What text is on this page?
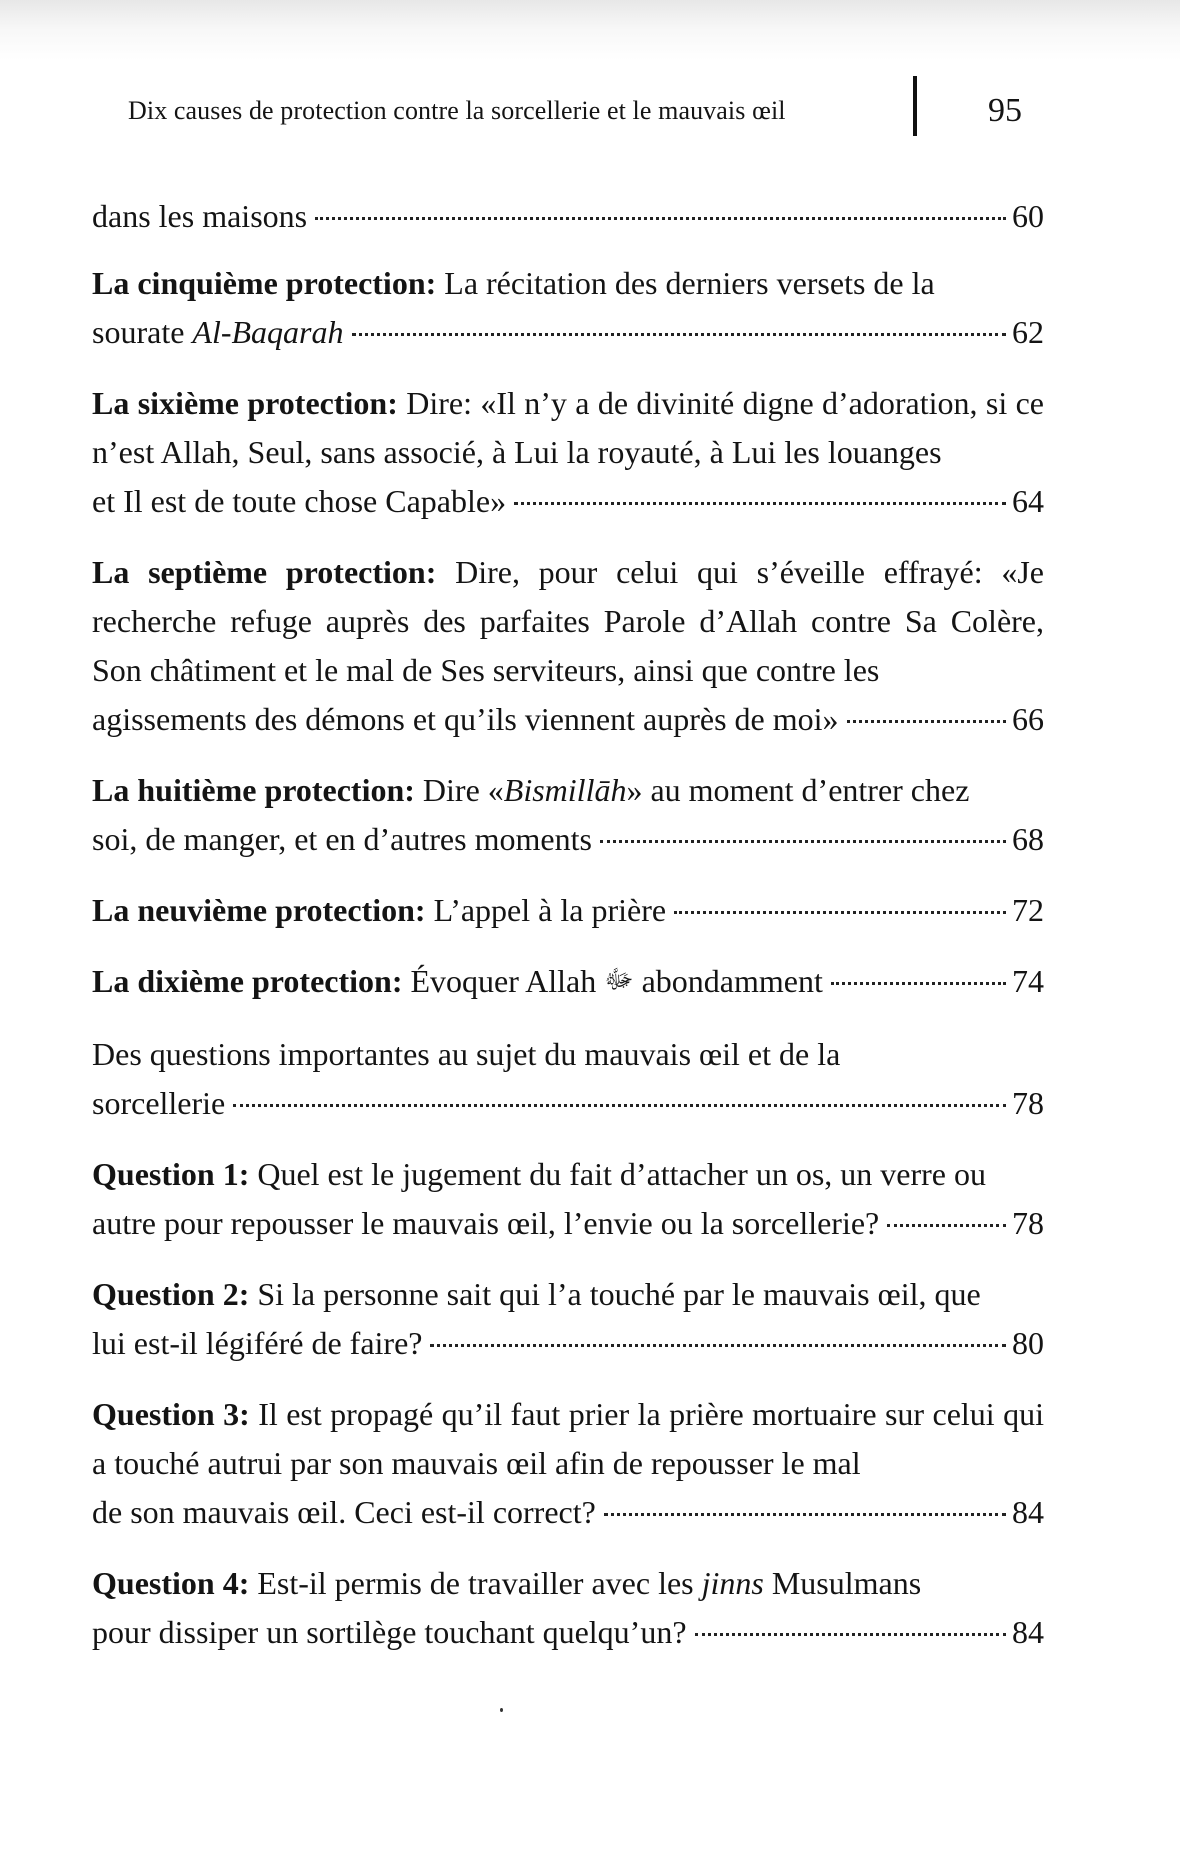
Dix causes de protection contre la sorcellerie et le mauvais œil	95
dans les maisons	60
La cinquième protection: La récitation des derniers versets de la
sourate Al-Baqarah	62
La sixième protection: Dire: «Il n’y a de divinité digne d’adoration, si ce n’est Allah, Seul, sans associé, à Lui la royauté, à Lui les louanges
et Il est de toute chose Capable»	64
La septième protection: Dire, pour celui qui s’éveille effrayé: «Je recherche refuge auprès des parfaites Parole d’Allah contre Sa Colère, Son châtiment et le mal de Ses serviteurs, ainsi que contre les
agissements des démons et qu’ils viennent auprès de moi»	66
La huitième protection: Dire «Bismillāh» au moment d’entrer chez
soi, de manger, et en d’autres moments	68
La neuvième protection: L’appel à la prière	72
La dixième protection: Évoquer Allah ﷻ abondamment	74
Des questions importantes au sujet du mauvais œil et de la
sorcellerie	78
Question 1: Quel est le jugement du fait d’attacher un os, un verre ou
autre pour repousser le mauvais œil, l’envie ou la sorcellerie?	78
Question 2: Si la personne sait qui l’a touché par le mauvais œil, que
lui est-il légiféré de faire?	80
Question 3: Il est propagé qu’il faut prier la prière mortuaire sur celui qui a touché autrui par son mauvais œil afin de repousser le mal
de son mauvais œil. Ceci est-il correct?	84
Question 4: Est-il permis de travailler avec les jinns Musulmans
pour dissiper un sortilège touchant quelqu’un?	84
